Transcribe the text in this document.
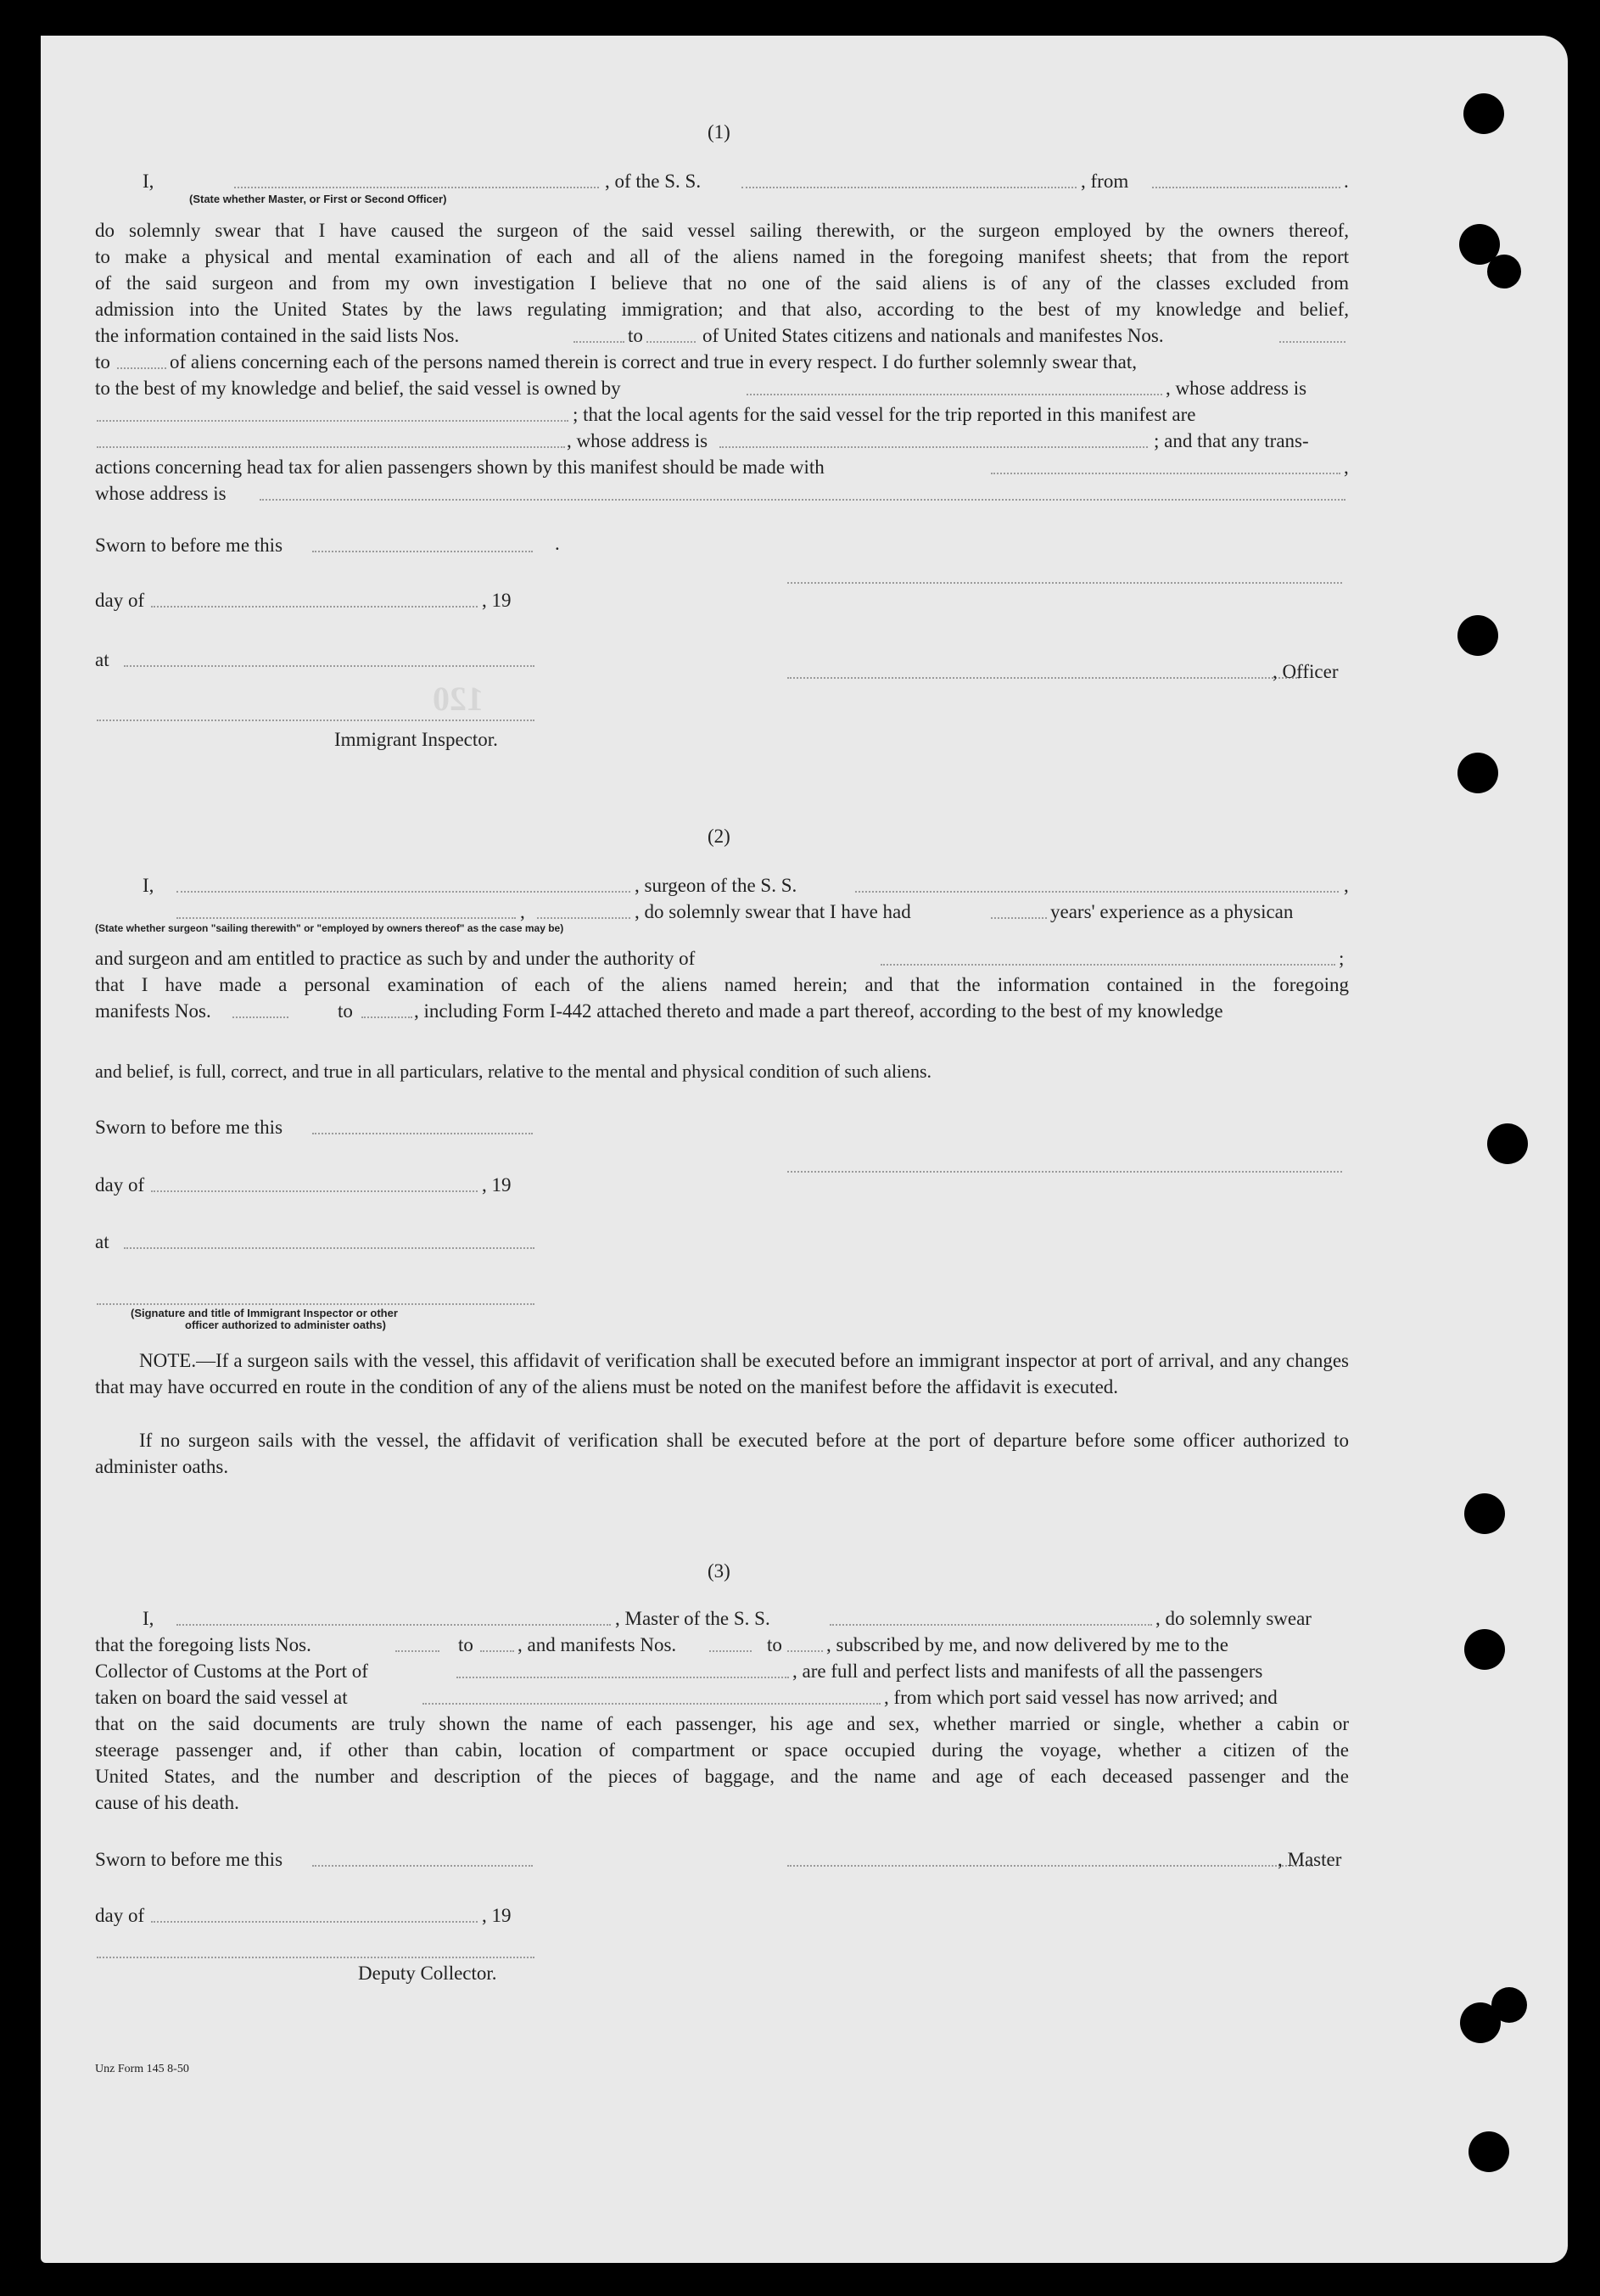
(1)
I,	, of the S. S.	, from	.
(State whether Master, or First or Second Officer)
do solemnly swear that I have caused the surgeon of the said vessel sailing therewith, or the surgeon employed by the owners thereof,
to make a physical and mental examination of each and all of the aliens named in the foregoing manifest sheets; that from the report
of the said surgeon and from my own investigation I believe that no one of the said aliens is of any of the classes excluded from
admission into the United States by the laws regulating immigration; and that also, according to the best of my knowledge and belief,
the information contained in the said lists Nos.	to	of United States citizens and nationals and manifestes Nos.
to	of aliens concerning each of the persons named therein is correct and true in every respect. I do further solemnly swear that,
to the best of my knowledge and belief, the said vessel is owned by	, whose address is
; that the local agents for the said vessel for the trip reported in this manifest are
, whose address is	; and that any trans-
actions concerning head tax for alien passengers shown by this manifest should be made with	,
whose address is
Sworn to before me this	.
day of	, 19
at
, Officer
120
Immigrant Inspector.
(2)
I,	, surgeon of the S. S.	,
,	, do solemnly swear that I have had	years' experience as a physican
(State whether surgeon "sailing therewith" or "employed by owners thereof" as the case may be)
and surgeon and am entitled to practice as such by and under the authority of	;
that I have made a personal examination of each of the aliens named herein; and that the information contained in the foregoing
manifests Nos.	to	, including Form I-442 attached thereto and made a part thereof, according to the best of my knowledge
and belief, is full, correct, and true in all particulars, relative to the mental and physical condition of such aliens.
Sworn to before me this
day of	, 19
at
(Signature and title of Immigrant Inspector or other
officer authorized to administer oaths)
NOTE.—If a surgeon sails with the vessel, this affidavit of verification shall be executed before an immigrant inspector at port of arrival, and any changes that may have occurred en route in the condition of any of the aliens must be noted on the manifest before the affidavit is executed.
If no surgeon sails with the vessel, the affidavit of verification shall be executed before at the port of departure before some officer authorized to administer oaths.
(3)
I,	, Master of the S. S.	, do solemnly swear
that the foregoing lists Nos.	to , and manifests Nos.	to , subscribed by me, and now delivered by me to the
Collector of Customs at the Port of	, are full and perfect lists and manifests of all the passengers
taken on board the said vessel at	, from which port said vessel has now arrived; and
that on the said documents are truly shown the name of each passenger, his age and sex, whether married or single, whether a cabin or
steerage passenger and, if other than cabin, location of compartment or space occupied during the voyage, whether a citizen of the
United States, and the number and description of the pieces of baggage, and the name and age of each deceased passenger and the
cause of his death.
Sworn to before me this	, Master
day of	, 19
Deputy Collector.
Unz Form 145 8-50
